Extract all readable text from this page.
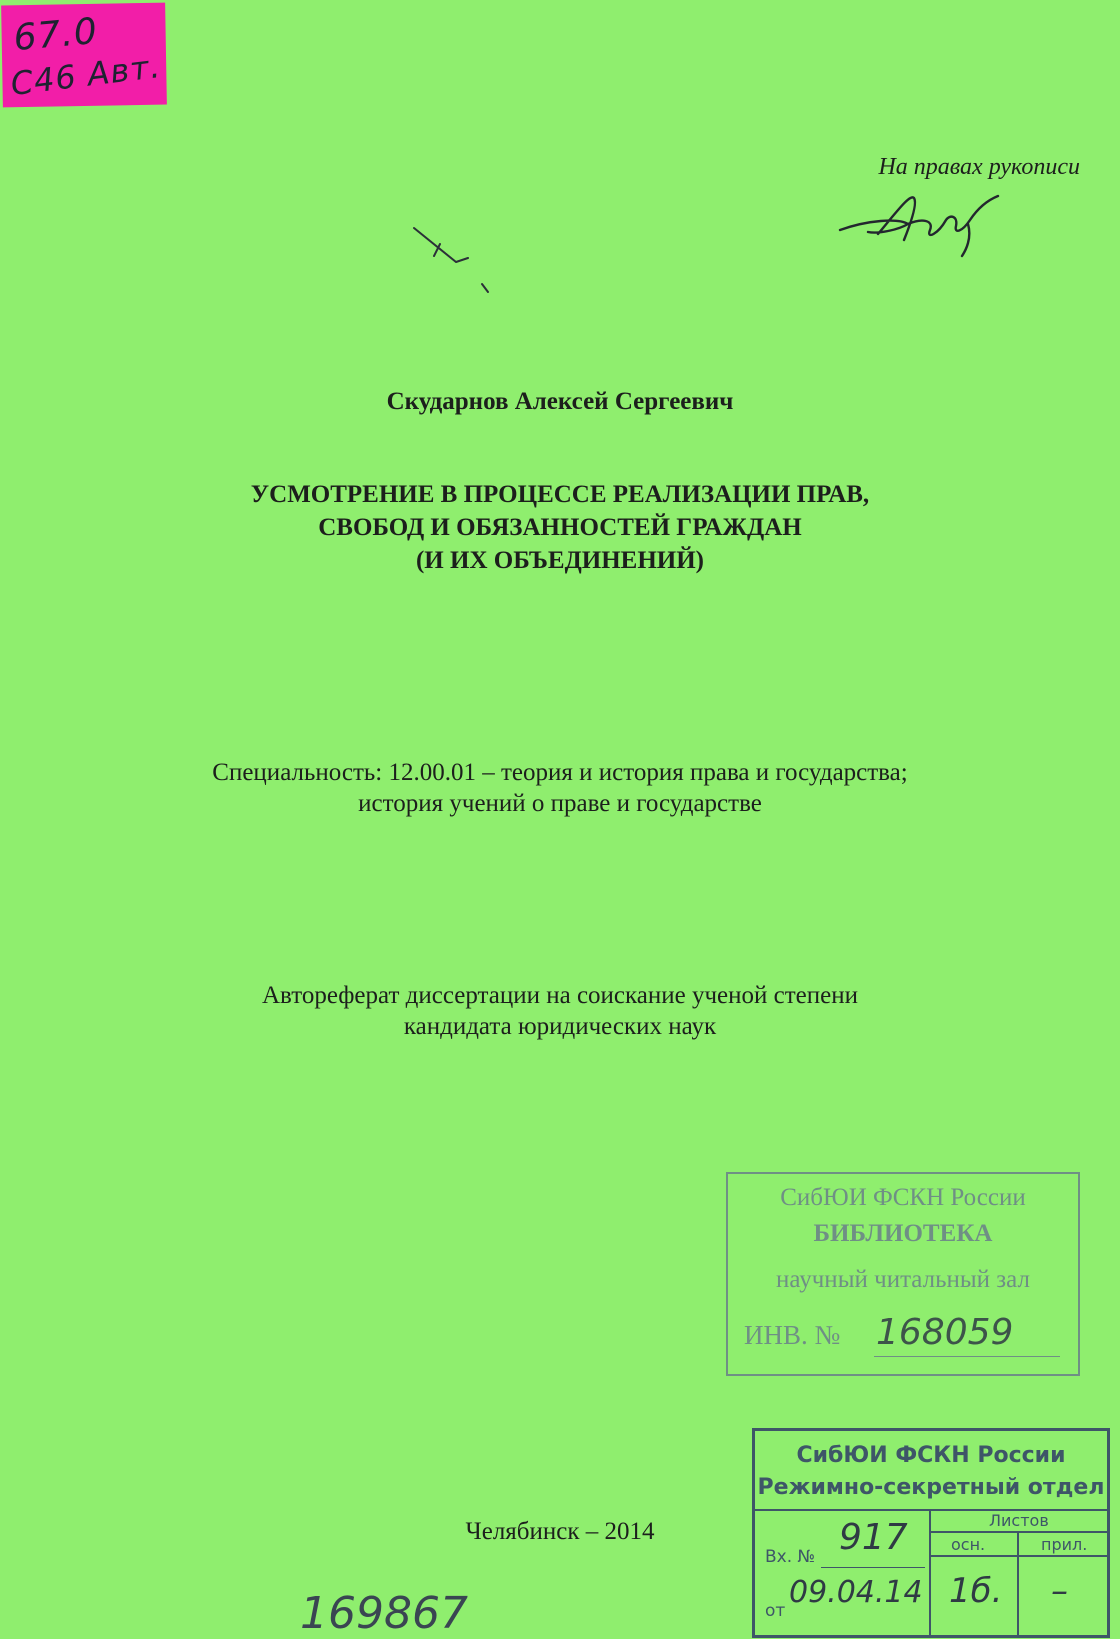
67.0
С46 Авт.
На правах рукописи
Скударнов Алексей Сергеевич
УСМОТРЕНИЕ В ПРОЦЕССЕ РЕАЛИЗАЦИИ ПРАВ,
СВОБОД И ОБЯЗАННОСТЕЙ ГРАЖДАН
(И ИХ ОБЪЕДИНЕНИЙ)
Специальность: 12.00.01 – теория и история права и государства;
история учений о праве и государстве
Автореферат диссертации на соискание ученой степени
кандидата юридических наук
Челябинск – 2014
СибЮИ ФСКН России
БИБЛИОТЕКА
научный читальный зал
ИНВ. № 168059
СибЮИ ФСКН России
Режимно-секретный отдел
Листов
осн.	прил.
Вх. № 917
от
09.04.14 1б. –
169867
